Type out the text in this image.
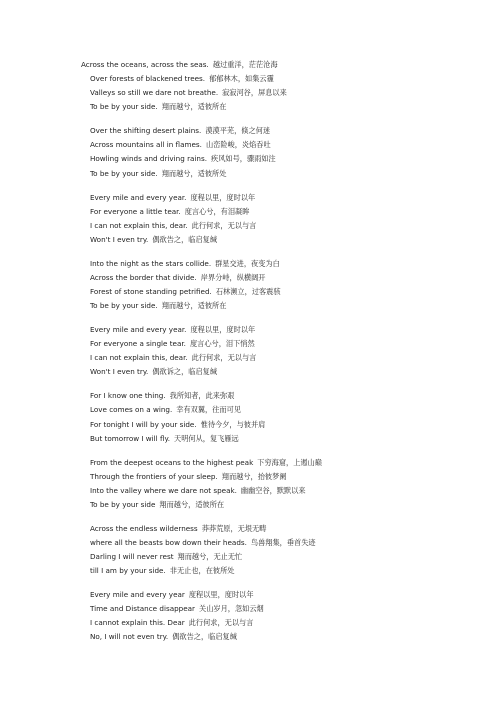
Across the oceans, across the seas. 越过重洋，茫茫沧海
Over forests of blackened trees. 郁郁林木，如集云霾
Valleys so still we dare not breathe. 寂寂河谷，屏息以来
To be by your side. 翔而越兮，适彼所在
Over the shifting desert plains. 漠漠平芜，倏之何迷
Across mountains all in flames. 山峦险峻，炎焰吞吐
Howling winds and driving rains. 疾风如号，骤雨如注
To be by your side. 翔而越兮，适彼所处
Every mile and every year. 度程以里，度时以年
For everyone a little tear. 度言心兮，有泪凝眸
I can not explain this, dear. 此行何求，无以与言
Won't I even try. 偶欲告之，临启复缄
Into the night as the stars collide. 群星交进，夜变为白
Across the border that divide. 岸界分峙，纵横阔开
Forest of stone standing petrified. 石林濒立，过客震骇
To be by your side. 翔而越兮，适彼所在
Every mile and every year. 度程以里，度时以年
For everyone a single tear. 度言心兮，泪下悄然
I can not explain this, dear. 此行何求，无以与言
Won't I even try. 偶欲诉之，临启复缄
For I know one thing. 我所知者，此来弥艰
Love comes on a wing. 幸有双翼，往而可见
For tonight I will by your side. 惟待今夕，与彼并肩
But tomorrow I will fly. 天明何从，复飞雁远
From the deepest oceans to the highest peak 下穷海窟，上遏山巅
Through the frontiers of your sleep. 翔而越兮，抬彼梦阑
Into the valley where we dare not speak. 幽幽空谷，默默以来
To be by your side 翔而越兮，适彼所在
Across the endless wilderness 莽莽荒原，无垠无畴
where all the beasts bow down their heads. 鸟兽翔集，垂首失迹
Darling I will never rest 翔而越兮，无止无忙
till I am by your side. 非无止也，在彼所处
Every mile and every year 度程以里，度时以年
Time and Distance disappear 关山岁月，忽如云烟
I cannot explain this. Dear 此行何求，无以与言
No, I will not even try. 偶欲告之，临启复缄
